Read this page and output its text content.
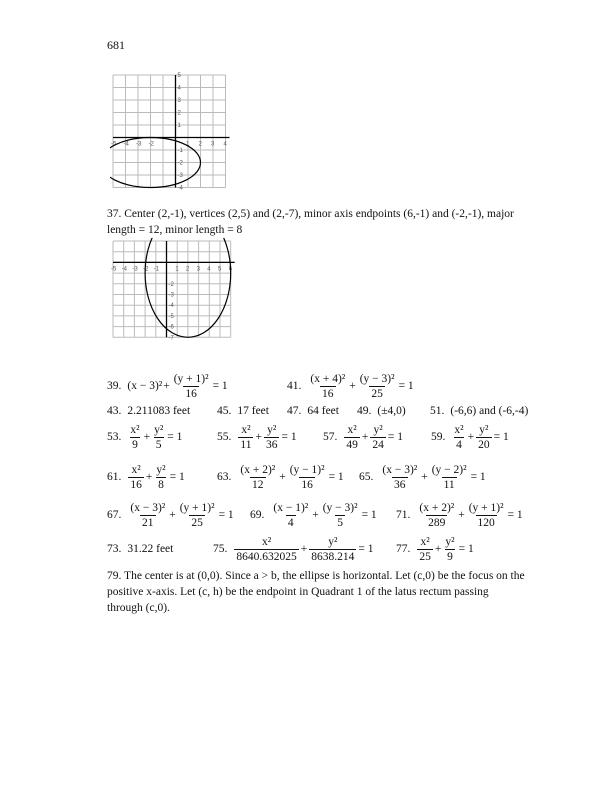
681
-5 -4 -3 -2	1 2 3 4
5
4
3
2
1
-1
-2
-3
-4
37. Center (2,-1), vertices (2,5) and (2,-7), minor axis endpoints (6,-1) and (-2,-1), major length = 12, minor length = 8
-5 -4 -3 -2 -1	1 2 3 4 5 6
-2
-3
-4
-5
-6
-7
39. $(x - 3)^2 + \frac{\text{(y + 1)²}}{16} = 1$	41. $\frac{\text{(x + 4)²}}{16} + \frac{\text{(y − 3)²}}{25} = 1$
43. 2.211083 feet 45. 17 feet 47. 64 feet 49. (±4,0) 51. (-6,6) and (-6,-4)
53. $\frac{\text{x²}}{9} + \frac{\text{y²}}{5} = 1$	55. $\frac{\text{x²}}{11} + \frac{\text{y²}}{36} = 1$ 57. $\frac{\text{x²}}{49} + \frac{\text{y²}}{24} = 1$ 59. $\frac{\text{x²}}{4} + \frac{\text{y²}}{20} = 1$
61. $\frac{\text{x²}}{16} + \frac{\text{y²}}{8} = 1$	63. $\frac{\text{(x + 2)²}}{12} + \frac{\text{(y − 1)²}}{16} = 1$ 65. $\frac{\text{(x − 3)²}}{36} + \frac{\text{(y − 2)²}}{11} = 1$
67. $\frac{\text{(x − 3)²}}{21} + \frac{\text{(y + 1)²}}{25} = 1$ 69. $\frac{\text{(x − 1)²}}{4} + \frac{\text{(y − 3)²}}{5} = 1$ 71. $\frac{\text{(x + 2)²}}{289} + \frac{\text{(y + 1)²}}{120} = 1$
73. 31.22 feet	75. $\frac{\text{x²}}{8640.632025} + \frac{\text{y²}}{8638.214} = 1$ 77. $\frac{\text{x²}}{25} + \frac{\text{y²}}{9} = 1$
79. The center is at (0,0). Since a > b, the ellipse is horizontal. Let (c,0) be the focus on the positive x-axis. Let (c, h) be the endpoint in Quadrant 1 of the latus rectum passing through (c,0).
